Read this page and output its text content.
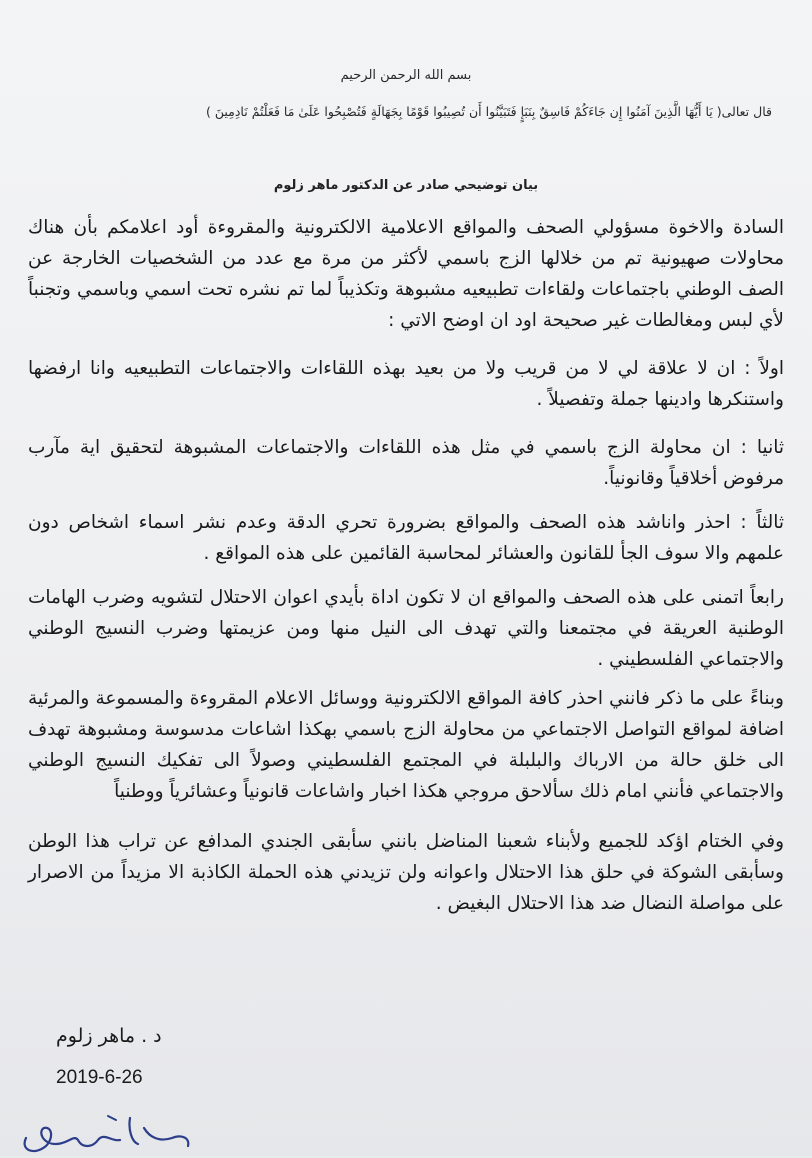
بسم الله الرحمن الرحيم
قال تعالى( يَا أَيُّهَا الَّذِينَ آمَنُوا إِن جَاءَكُمْ فَاسِقٌ بِنَبَإٍ فَتَبَيَّنُوا أَن تُصِيبُوا قَوْمًا بِجَهَالَةٍ فَتُصْبِحُوا عَلَىٰ مَا فَعَلْتُمْ نَادِمِينَ )
بيان توضيحي صادر عن الدكتور ماهر زلوم
السادة والاخوة مسؤولي الصحف والمواقع الاعلامية الالكترونية والمقروءة أود اعلامكم بأن هناك محاولات صهيونية تم من خلالها الزج باسمي لأكثر من مرة مع عدد من الشخصيات الخارجة عن الصف الوطني باجتماعات ولقاءات تطبيعيه مشبوهة وتكذيباً لما تم نشره تحت اسمي وباسمي وتجنباً لأي لبس ومغالطات غير صحيحة اود ان اوضح الاتي :
اولاً : ان لا علاقة لي لا من قريب ولا من بعيد بهذه اللقاءات والاجتماعات التطبيعيه وانا ارفضها واستنكرها وادينها جملة وتفصيلاً .
ثانيا : ان محاولة الزج باسمي في مثل هذه اللقاءات والاجتماعات المشبوهة لتحقيق اية مآرب مرفوض أخلاقياً وقانونياً.
ثالثاً : احذر واناشد هذه الصحف والمواقع بضرورة تحري الدقة وعدم نشر اسماء اشخاص دون علمهم والا سوف الجأ للقانون والعشائر لمحاسبة القائمين على هذه المواقع .
رابعاً اتمنى على هذه الصحف والمواقع ان لا تكون اداة بأيدي اعوان الاحتلال لتشويه وضرب الهامات الوطنية العريقة في مجتمعنا والتي تهدف الى النيل منها ومن عزيمتها وضرب النسيج الوطني والاجتماعي الفلسطيني .
وبناءً على ما ذكر فانني احذر كافة المواقع الالكترونية ووسائل الاعلام المقروءة والمسموعة والمرئية اضافة لمواقع التواصل الاجتماعي من محاولة الزج باسمي بهكذا اشاعات مدسوسة ومشبوهة تهدف الى خلق حالة من الارباك والبلبلة في المجتمع الفلسطيني وصولاً الى تفكيك النسيج الوطني والاجتماعي فأنني امام ذلك سألاحق مروجي هكذا اخبار واشاعات قانونياً وعشائرياً ووطنياً
وفي الختام اؤكد للجميع ولأبناء شعبنا المناضل بانني سأبقى الجندي المدافع عن تراب هذا الوطن وسأبقى الشوكة في حلق هذا الاحتلال واعوانه ولن تزيدني هذه الحملة الكاذبة الا مزيداً من الاصرار على مواصلة النضال ضد هذا الاحتلال البغيض .
د . ماهر زلوم
2019-6-26
